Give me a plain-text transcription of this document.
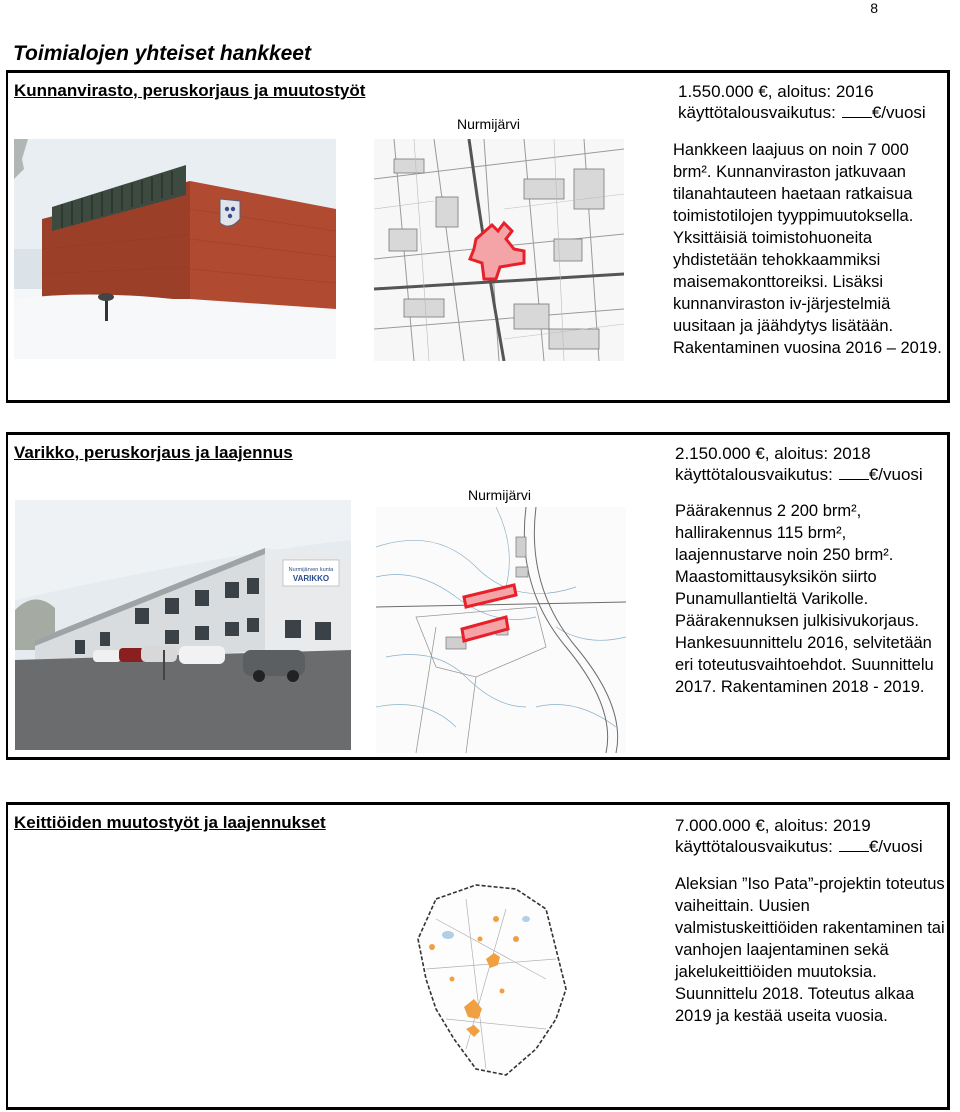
8
Toimialojen yhteiset hankkeet
Kunnanvirasto, peruskorjaus ja muutostyöt	1.550.000 €, aloitus: 2016
käyttötalousvaikutus: €/vuosi
Nurmijärvi
Hankkeen laajuus on noin 7 000 brm². Kunnanviraston jatkuvaan tilanahtauteen haetaan ratkaisua toimistotilojen tyyppimuutoksella. Yksittäisiä toimistohuoneita yhdistetään tehokkaammiksi maisemakonttoreiksi. Lisäksi kunnanviraston iv-järjestelmiä uusitaan ja jäähdytys lisätään. Rakentaminen vuosina 2016 – 2019.
Varikko, peruskorjaus ja laajennus	2.150.000 €, aloitus: 2018
käyttötalousvaikutus: €/vuosi
Nurmijärvi
Nurmijärven kunta
VARIKKO
Päärakennus 2 200 brm², hallirakennus 115 brm², laajennustarve noin 250 brm². Maastomittausyksikön siirto Punamullantieltä Varikolle. Päärakennuksen julkisivukorjaus. Hankesuunnittelu 2016, selvitetään eri toteutusvaihtoehdot. Suunnittelu 2017. Rakentaminen 2018 - 2019.
Keittiöiden muutostyöt ja laajennukset	7.000.000 €, aloitus: 2019
käyttötalousvaikutus: €/vuosi
Aleksian ”Iso Pata”-projektin toteutus vaiheittain. Uusien valmistuskeittiöiden rakentaminen tai vanhojen laajentaminen sekä jakelukeittiöiden muutoksia. Suunnittelu 2018. Toteutus alkaa 2019 ja kestää useita vuosia.
